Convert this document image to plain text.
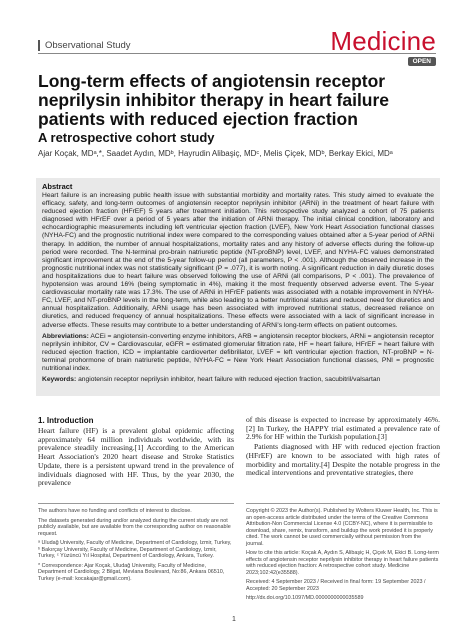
Observational Study	Medicine
OPEN
Long-term effects of angiotensin receptor neprilysin inhibitor therapy in heart failure patients with reduced ejection fraction
A retrospective cohort study
Ajar Koçak, MDᵃ,*, Saadet Aydın, MDᵇ, Hayrudin Alibaşiç, MDᶜ, Melis Çiçek, MDᵇ, Berkay Ekici, MDᵃ
Abstract
Heart failure is an increasing public health issue with substantial morbidity and mortality rates. This study aimed to evaluate the efficacy, safety, and long-term outcomes of angiotensin receptor neprilysin inhibitor (ARNi) in the treatment of heart failure with reduced ejection fraction (HFrEF) 5 years after treatment initiation. This retrospective study analyzed a cohort of 75 patients diagnosed with HFrEF over a period of 5 years after the initiation of ARNi therapy. The initial clinical condition, laboratory and echocardiographic measurements including left ventricular ejection fraction (LVEF), New York Heart Association functional classes (NYHA-FC) and the prognostic nutritional index were compared to the corresponding values obtained after a 5-year period of ARNi therapy. In addition, the number of annual hospitalizations, mortality rates and any history of adverse effects during the follow-up period were recorded. The N-terminal pro-brain natriuretic peptide (NT-proBNP) level, LVEF, and NYHA-FC values demonstrated significant improvement at the end of the 5-year follow-up period (all parameters, P < .001). Although the observed increase in the prognostic nutritional index was not statistically significant (P = .077), it is worth noting. A significant reduction in daily diuretic doses and hospitalizations due to heart failure was observed following the use of ARNi (all comparisons, P < .001). The prevalence of hypotension was around 16% (being symptomatic in 4%), making it the most frequently observed adverse event. The 5-year cardiovascular mortality rate was 17.3%. The use of ARNi in HFrEF patients was associated with a notable improvement in NYHA-FC, LVEF, and NT-proBNP levels in the long-term, while also leading to a better nutritional status and reduced need for diuretics and annual hospitalization. Additionally, ARNi usage has been associated with improved nutritional status, decreased reliance on diuretics, and reduced frequency of annual hospitalizations. These effects were associated with a lack of significant increase in adverse effects. These results may contribute to a better understanding of ARNi's long-term effects on patient outcomes.
Abbreviations: ACEi = angiotensin-converting enzyme inhibitors, ARB = angiotensin receptor blockers, ARNi = angiotensin receptor neprilysin inhibitor, CV = Cardiovascular, eGFR = estimated glomerular filtration rate, HF = heart failure, HFrEF = heart failure with reduced ejection fraction, ICD = implantable cardioverter defibrillator, LVEF = left ventricular ejection fraction, NT-proBNP = N-terminal prohormone of brain natriuretic peptide, NYHA-FC = New York Heart Association functional classes, PNI = prognostic nutritional index.
Keywords: angiotensin receptor neprilysin inhibitor, heart failure with reduced ejection fraction, sacubitril/valsartan
1. Introduction

Heart failure (HF) is a prevalent global epidemic affecting approximately 64 million individuals worldwide, with its prevalence steadily increasing.[1] According to the American Heart Association's 2020 heart disease and Stroke Statistics Update, there is a persistent upward trend in the prevalence of individuals diagnosed with HF. Thus, by the year 2030, the prevalence

of this disease is expected to increase by approximately 46%.[2] In Turkey, the HAPPY trial estimated a prevalence rate of 2.9% for HF within the Turkish population.[3]

Patients diagnosed with HF with reduced ejection fraction (HFrEF) are known to be associated with high rates of morbidity and mortality.[4] Despite the notable progress in the medical interventions and preventative strategies, there

The authors have no funding and conflicts of interest to disclose.

The datasets generated during and/or analyzed during the current study are not publicly available, but are available from the corresponding author on reasonable request.

ᵃ Uludağ University, Faculty of Medicine, Department of Cardiology, Izmir, Turkey, ᵇ Bakırçay University, Faculty of Medicine, Department of Cardiology, Izmir, Turkey, ᶜ Yüzüncü Yıl Hospital, Department of Cardiology, Ankara, Turkey.

* Correspondence: Ajar Koçak, Uludağ University, Faculty of Medicine, Department of Cardiology, 2 Bilgat, Mevlana Boulevard, No:86, Ankara 06510, Turkey (e-mail: kocakajar@gmail.com).

Copyright © 2023 the Author(s). Published by Wolters Kluwer Health, Inc. This is an open-access article distributed under the terms of the Creative Commons Attribution-Non Commercial License 4.0 (CCBY-NC), where it is permissible to download, share, remix, transform, and buildup the work provided it is properly cited. The work cannot be used commercially without permission from the journal.

How to cite this article: Koçak A, Aydın S, Alibaşiç H, Çiçek M, Ekici B. Long-term effects of angiotensin receptor neprilysin inhibitor therapy in heart failure patients with reduced ejection fraction: A retrospective cohort study. Medicine 2023;102:42(e35588).

Received: 4 September 2023 / Received in final form: 19 September 2023 / Accepted: 20 September 2023

http://dx.doi.org/10.1097/MD.0000000000035589

1
